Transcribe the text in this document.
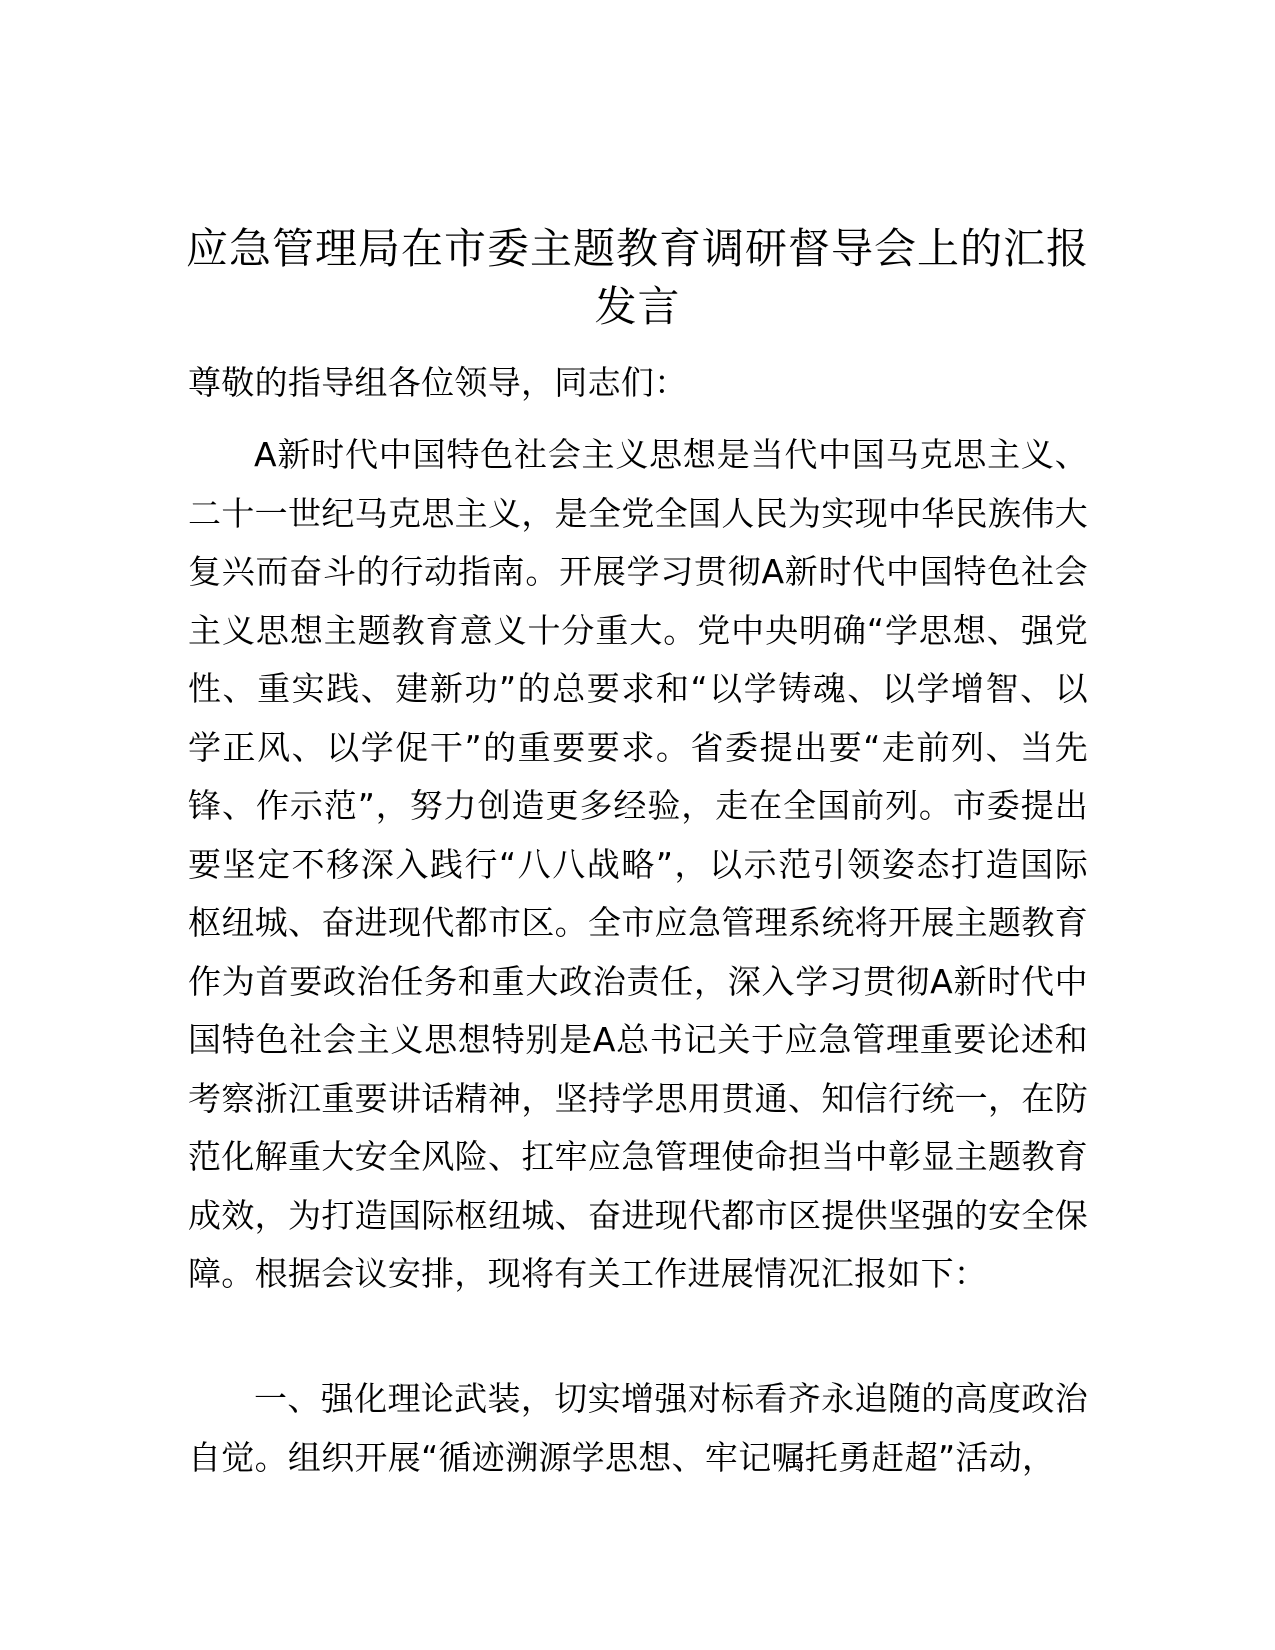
应急管理局在市委主题教育调研督导会上的汇报发言

尊敬的指导组各位领导，同志们：

A新时代中国特色社会主义思想是当代中国马克思主义、二十一世纪马克思主义，是全党全国人民为实现中华民族伟大复兴而奋斗的行动指南。开展学习贯彻A新时代中国特色社会主义思想主题教育意义十分重大。党中央明确“学思想、强党性、重实践、建新功”的总要求和“以学铸魂、以学增智、以学正风、以学促干”的重要要求。省委提出要“走前列、当先锋、作示范”，努力创造更多经验，走在全国前列。市委提出要坚定不移深入践行“八八战略”，以示范引领姿态打造国际枢纽城、奋进现代都市区。全市应急管理系统将开展主题教育作为首要政治任务和重大政治责任，深入学习贯彻A新时代中国特色社会主义思想特别是A总书记关于应急管理重要论述和考察浙江重要讲话精神，坚持学思用贯通、知信行统一，在防范化解重大安全风险、扛牢应急管理使命担当中彰显主题教育成效，为打造国际枢纽城、奋进现代都市区提供坚强的安全保障。根据会议安排，现将有关工作进展情况汇报如下：

一、强化理论武装，切实增强对标看齐永追随的高度政治自觉。组织开展“循迹溯源学思想、牢记嘱托勇赶超”活动，
